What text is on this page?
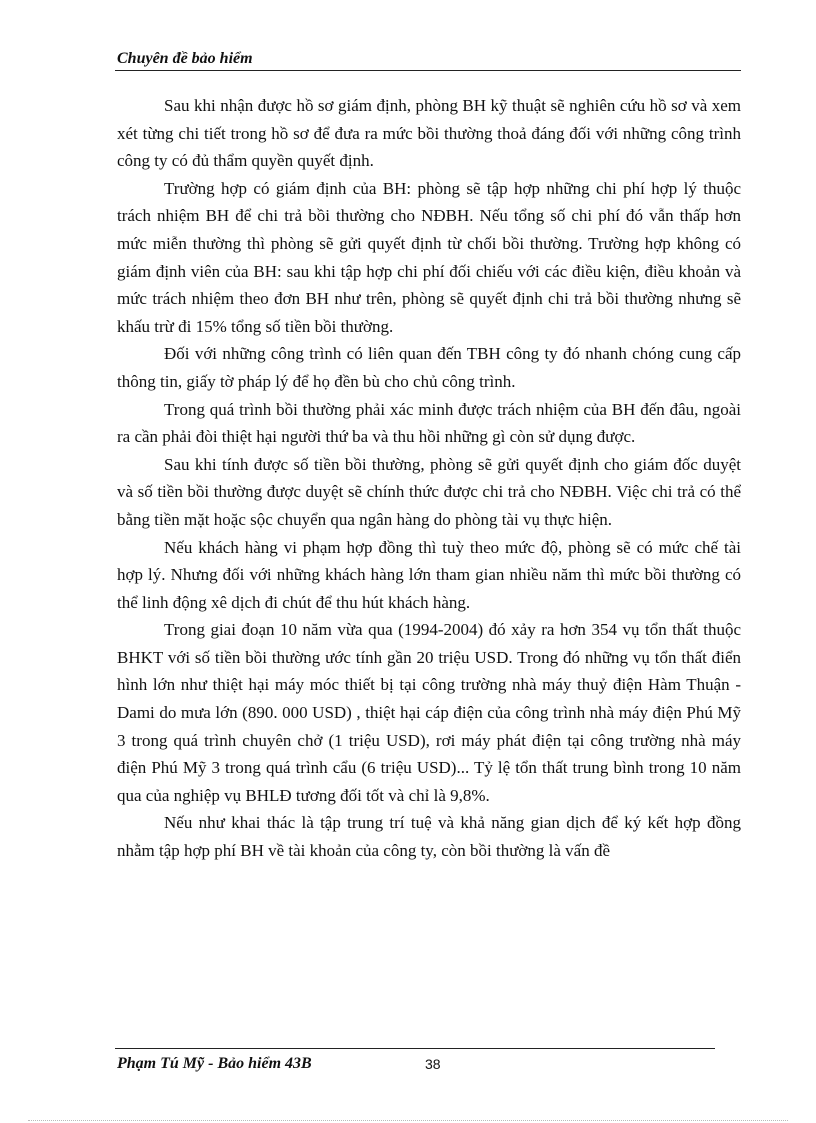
Chuyên đề bảo hiểm

Sau khi nhận được hồ sơ giám định, phòng BH kỹ thuật sẽ nghiên cứu hồ sơ và xem xét từng chi tiết trong hồ sơ để đưa ra mức bồi thường thoả đáng đối với những công trình công ty có đủ thẩm quyền quyết định.

Trường hợp có giám định của BH: phòng sẽ tập hợp những chi phí hợp lý thuộc trách nhiệm BH để chi trả bồi thường cho NĐBH. Nếu tổng số chi phí đó vẫn thấp hơn mức miễn thường thì phòng sẽ gửi quyết định từ chối bồi thường. Trường hợp không có giám định viên của BH: sau khi tập hợp chi phí đối chiếu với các điều kiện, điều khoản và mức trách nhiệm theo đơn BH như trên, phòng sẽ quyết định chi trả bồi thường nhưng sẽ khấu trừ đi 15% tổng số tiền bồi thường.

Đối với những công trình có liên quan đến TBH công ty đó nhanh chóng cung cấp thông tin, giấy tờ pháp lý để họ đền bù cho chủ công trình.

Trong quá trình bồi thường phải xác minh được trách nhiệm của BH đến đâu, ngoài ra cần phải đòi thiệt hại người thứ ba và thu hồi những gì còn sử dụng được.

Sau khi tính được số tiền bồi thường, phòng sẽ gửi quyết định cho giám đốc duyệt và số tiền bồi thường được duyệt sẽ chính thức được chi trả cho NĐBH. Việc chi trả có thể bằng tiền mặt hoặc sộc chuyển qua ngân hàng do phòng tài vụ thực hiện.

Nếu khách hàng vi phạm hợp đồng thì tuỳ theo mức độ, phòng sẽ có mức chế tài hợp lý. Nhưng đối với những khách hàng lớn tham gian nhiều năm thì mức bồi thường có thể linh động xê dịch đi chút để thu hút khách hàng.

Trong giai đoạn 10 năm vừa qua (1994-2004) đó xảy ra hơn 354 vụ tổn thất thuộc BHKT với số tiền bồi thường ước tính gần 20 triệu USD. Trong đó những vụ tổn thất điển hình lớn như thiệt hại máy móc thiết bị tại công trường nhà máy thuỷ điện Hàm Thuận - Dami do mưa lớn (890. 000 USD) , thiệt hại cáp điện của công trình nhà máy điện Phú Mỹ 3 trong quá trình chuyên chở (1 triệu USD), rơi máy phát điện tại công trường nhà máy điện Phú Mỹ 3 trong quá trình cẩu (6 triệu USD)... Tỷ lệ tổn thất trung bình trong 10 năm qua của nghiệp vụ BHLĐ tương đối tốt và chỉ là 9,8%.

Nếu như khai thác là tập trung trí tuệ và khả năng gian dịch để ký kết hợp đồng nhằm tập hợp phí BH về tài khoản của công ty, còn bồi thường là vấn đề

Phạm Tú Mỹ - Bảo hiểm 43B	38
